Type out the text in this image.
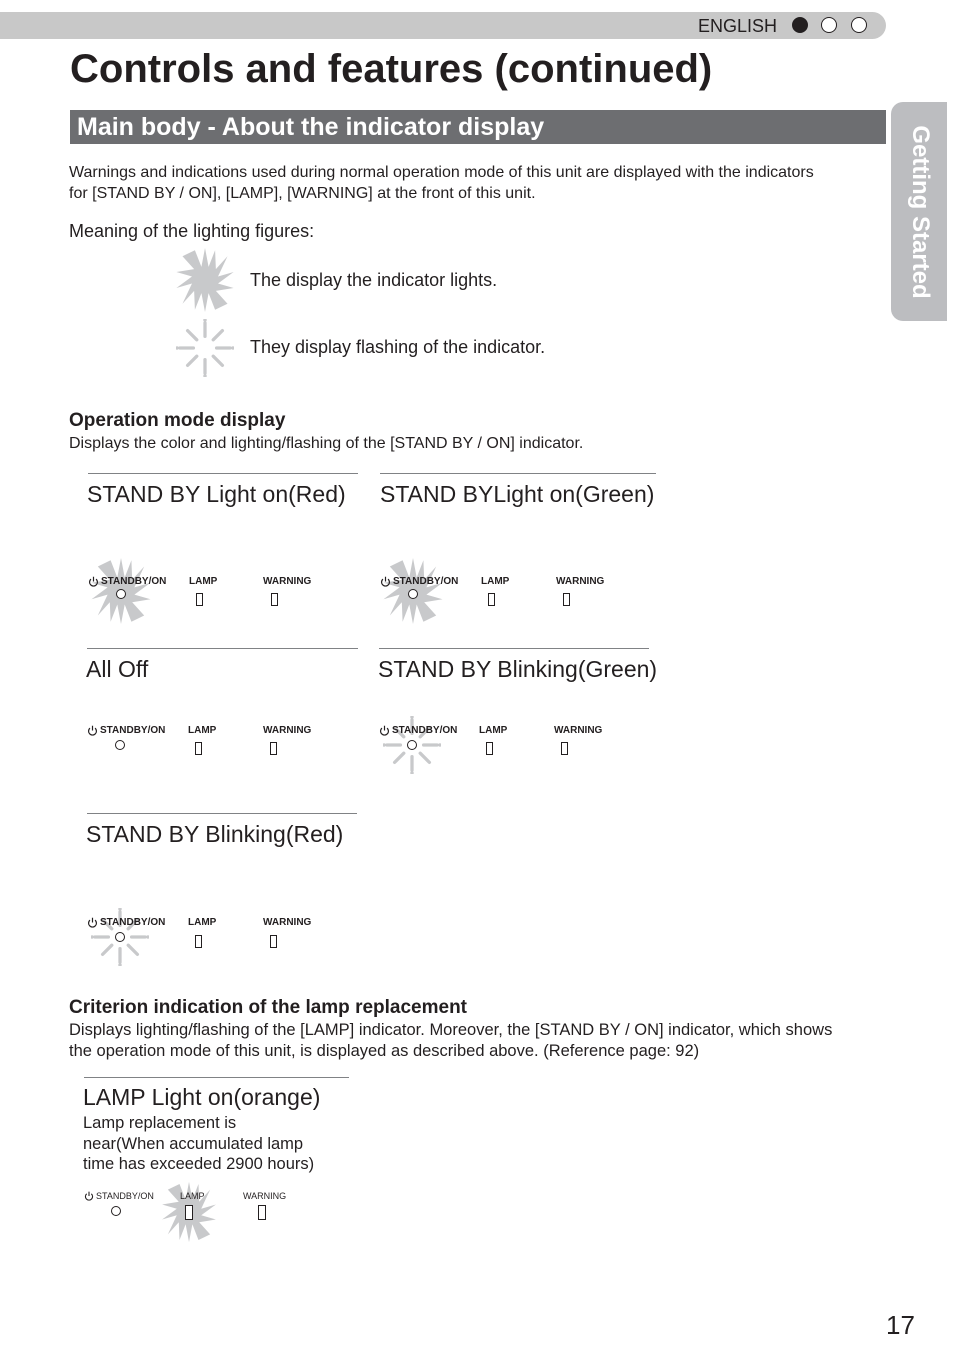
ENGLISH
Getting Started
Controls and features (continued)
Main body - About the indicator display
Warnings and indications used during normal operation mode of this unit are displayed with the indicators
for [STAND BY / ON], [LAMP], [WARNING] at the front of this unit.
Meaning of the lighting figures:
The display the indicator lights.
They display flashing of the indicator.
Operation mode display
Displays the color and lighting/flashing of the [STAND BY / ON] indicator.
STAND BY Light on(Red)
STANDBY/ON LAMP	WARNING
STAND BYLight on(Green)
STANDBY/ON LAMP	WARNING
All Off
STANDBY/ON LAMP	WARNING
STAND BY Blinking(Green)
STANDBY/ON LAMP	WARNING
STAND BY Blinking(Red)
STANDBY/ON LAMP	WARNING
Criterion indication of the lamp replacement
Displays lighting/flashing of the [LAMP] indicator. Moreover, the [STAND BY / ON] indicator, which shows
the operation mode of this unit, is displayed as described above. (Reference page: 92)
LAMP Light on(orange)
Lamp replacement is
near(When accumulated lamp
time has exceeded 2900 hours)
STANDBY/ON	LAMP	WARNING
17
